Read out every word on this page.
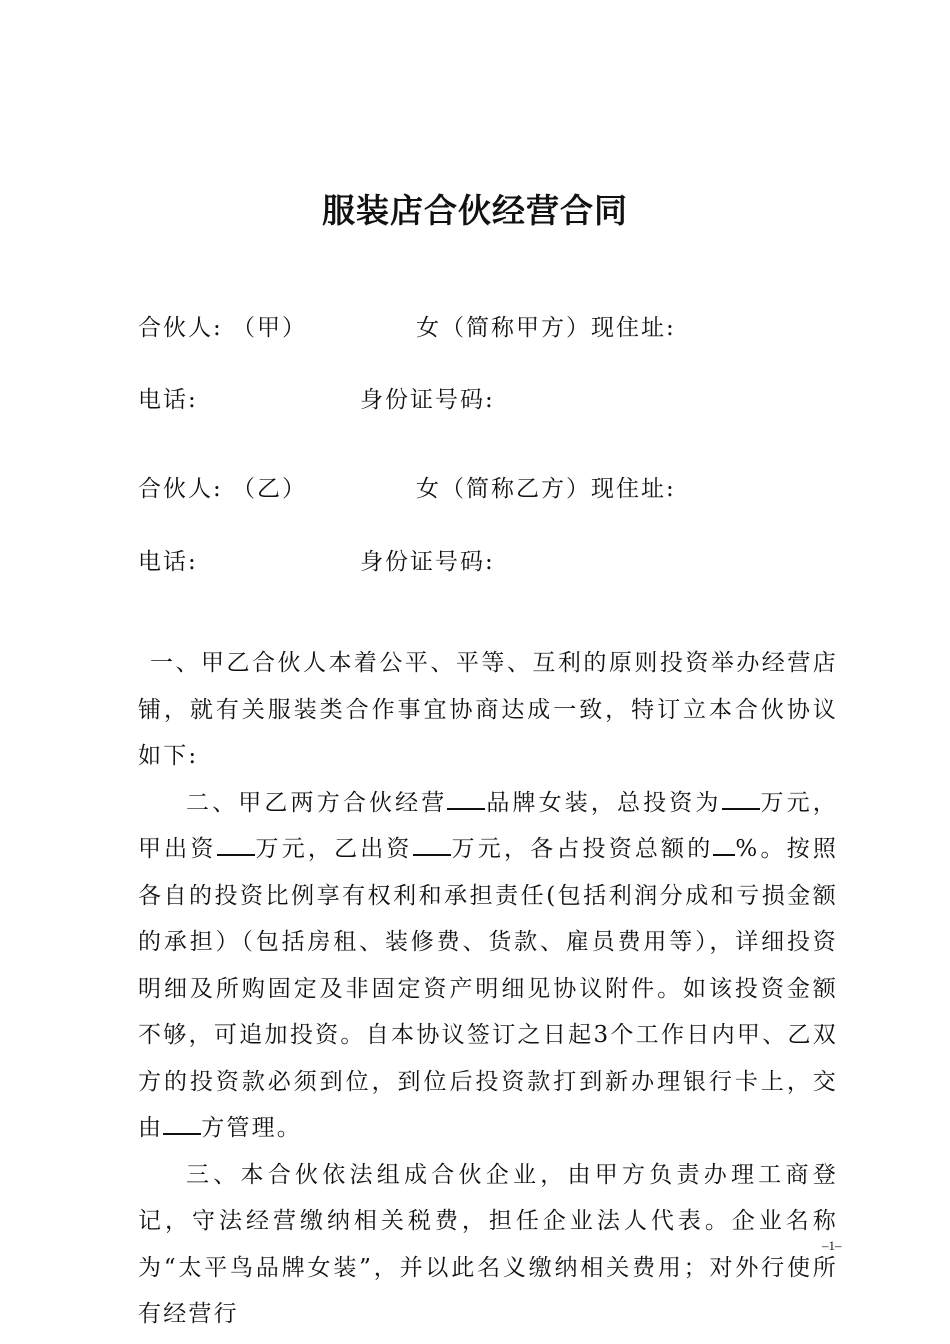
服装店合伙经营合同
合伙人: （甲）	女（简称甲方）现住址:
电话:	身份证号码:
合伙人: （乙）	女（简称乙方）现住址:
电话:	身份证号码:

一、甲乙合伙人本着公平、平等、互利的原则投资举办经营店铺，就有关服装类合作事宜协商达成一致，特订立本合伙协议如下:

二、甲乙两方合伙经营 品牌女装，总投资为 万元，甲出资 万元，乙出资 万元，各占投资总额的 %。按照各自的投资比例享有权利和承担责任(包括利润分成和亏损金额的承担）（包括房租、装修费、货款、雇员费用等），详细投资明细及所购固定及非固定资产明细见协议附件。如该投资金额不够，可追加投资。自本协议签订之日起3个工作日内甲、乙双方的投资款必须到位，到位后投资款打到新办理银行卡上，交由 方管理。

三、本合伙依法组成合伙企业，由甲方负责办理工商登记，守法经营缴纳相关税费，担任企业法人代表。企业名称为“太平鸟品牌女装”，并以此名义缴纳相关费用；对外行使所有经营行

–1–
